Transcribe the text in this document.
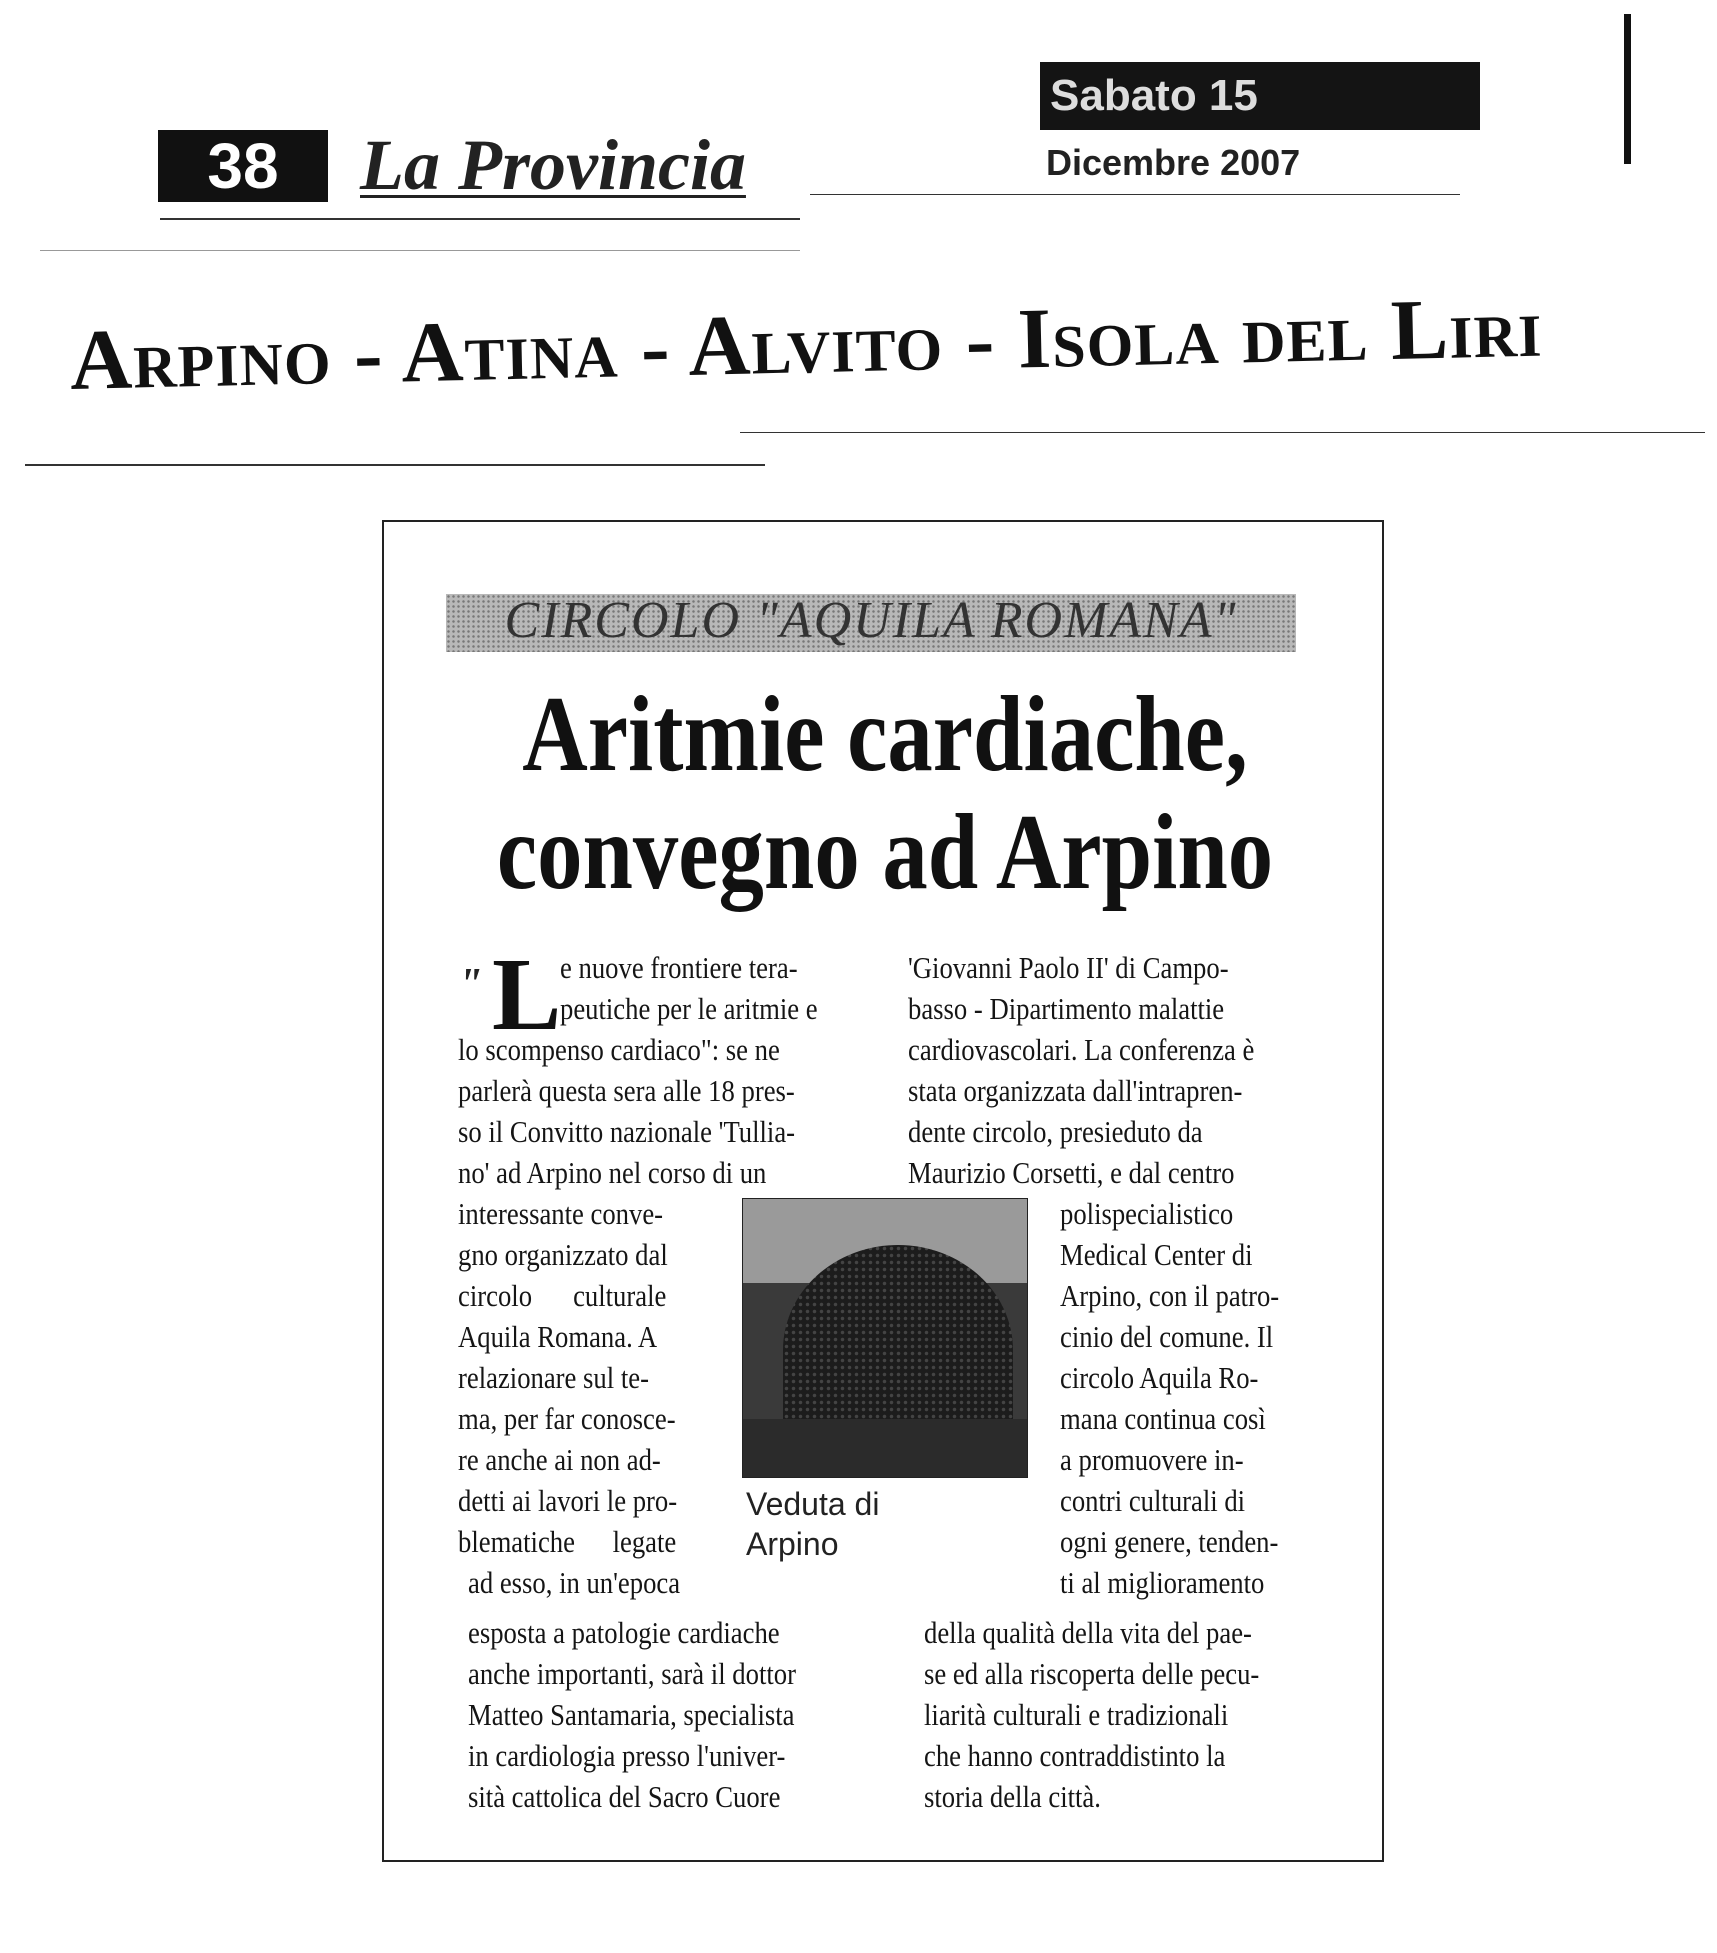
38	La Provincia
Sabato 15
Dicembre 2007
Arpino - Atina - Alvito - Isola del Liri
CIRCOLO "AQUILA ROMANA"
Aritmie cardiache,
convegno ad Arpino
" L
e nuove frontiere tera-
peutiche per le aritmie e
lo scompenso cardiaco": se ne
parlerà questa sera alle 18 pres-
so il Convitto nazionale 'Tullia-
no' ad Arpino nel corso di un
interessante conve-
gno organizzato dal
circolo culturale
Aquila Romana. A
relazionare sul te-
ma, per far conosce-
re anche ai non ad-
detti ai lavori le pro-
blematiche legate
ad esso, in un'epoca
esposta a patologie cardiache
anche importanti, sarà il dottor
Matteo Santamaria, specialista
in cardiologia presso l'univer-
sità cattolica del Sacro Cuore
'Giovanni Paolo II' di Campo-
basso - Dipartimento malattie
cardiovascolari. La conferenza è
stata organizzata dall'intrapren-
dente circolo, presieduto da
Maurizio Corsetti, e dal centro
polispecialistico
Medical Center di
Arpino, con il patro-
cinio del comune. Il
circolo Aquila Ro-
mana continua così
a promuovere in-
contri culturali di
ogni genere, tenden-
ti al miglioramento
della qualità della vita del pae-
se ed alla riscoperta delle pecu-
liarità culturali e tradizionali
che hanno contraddistinto la
storia della città.
Veduta di
Arpino
